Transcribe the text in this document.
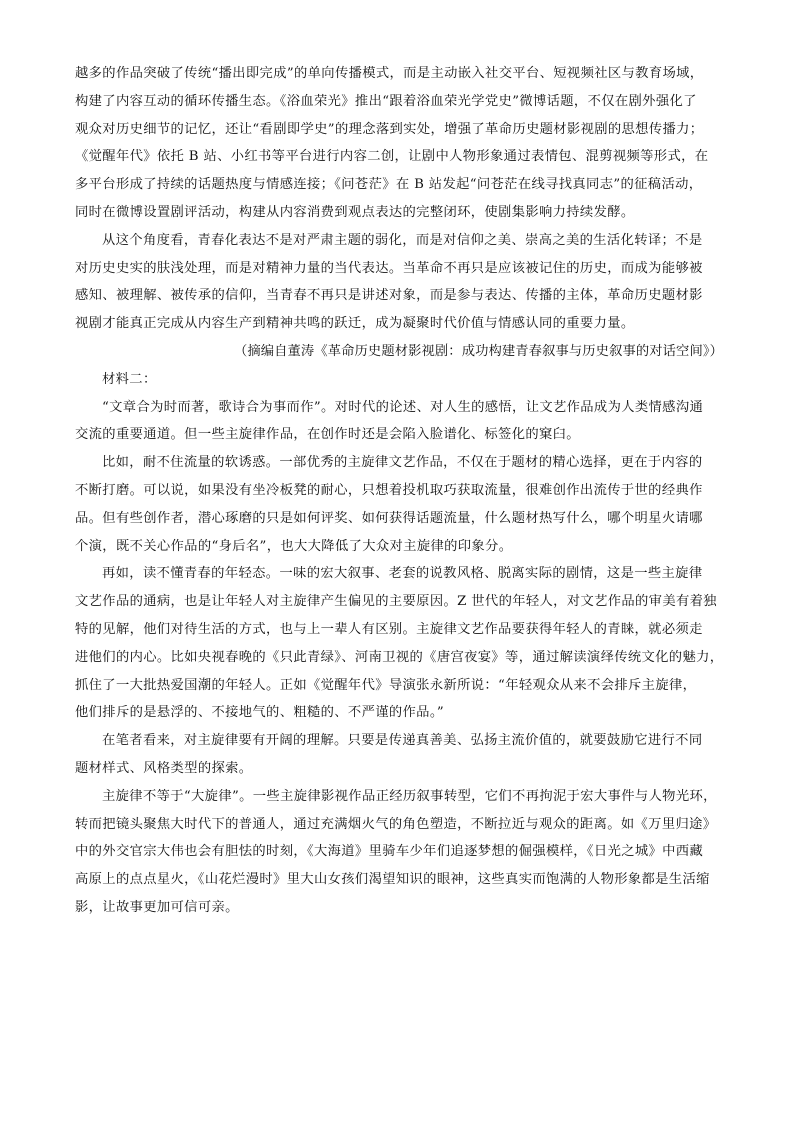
越多的作品突破了传统“播出即完成”的单向传播模式，而是主动嵌入社交平台、短视频社区与教育场域，
构建了内容互动的循环传播生态。《浴血荣光》推出“跟着浴血荣光学党史”微博话题，不仅在剧外强化了
观众对历史细节的记忆，还让“看剧即学史”的理念落到实处，增强了革命历史题材影视剧的思想传播力；
《觉醒年代》依托 B 站、小红书等平台进行内容二创，让剧中人物形象通过表情包、混剪视频等形式，在
多平台形成了持续的话题热度与情感连接；《问苍茫》在 B 站发起“问苍茫在线寻找真同志”的征稿活动，
同时在微博设置剧评活动，构建从内容消费到观点表达的完整闭环，使剧集影响力持续发酵。
从这个角度看，青春化表达不是对严肃主题的弱化，而是对信仰之美、崇高之美的生活化转译；不是
对历史史实的肤浅处理，而是对精神力量的当代表达。当革命不再只是应该被记住的历史，而成为能够被
感知、被理解、被传承的信仰，当青春不再只是讲述对象，而是参与表达、传播的主体，革命历史题材影
视剧才能真正完成从内容生产到精神共鸣的跃迁，成为凝聚时代价值与情感认同的重要力量。
（摘编自董涛《革命历史题材影视剧：成功构建青春叙事与历史叙事的对话空间》）
材料二：
“文章合为时而著，歌诗合为事而作”。对时代的论述、对人生的感悟，让文艺作品成为人类情感沟通
交流的重要通道。但一些主旋律作品，在创作时还是会陷入脸谱化、标签化的窠臼。
比如，耐不住流量的软诱惑。一部优秀的主旋律文艺作品，不仅在于题材的精心选择，更在于内容的
不断打磨。可以说，如果没有坐冷板凳的耐心，只想着投机取巧获取流量，很难创作出流传于世的经典作
品。但有些创作者，潜心琢磨的只是如何评奖、如何获得话题流量，什么题材热写什么，哪个明星火请哪
个演，既不关心作品的“身后名”，也大大降低了大众对主旋律的印象分。
再如，读不懂青春的年轻态。一味的宏大叙事、老套的说教风格、脱离实际的剧情，这是一些主旋律
文艺作品的通病，也是让年轻人对主旋律产生偏见的主要原因。Z 世代的年轻人，对文艺作品的审美有着独
特的见解，他们对待生活的方式，也与上一辈人有区别。主旋律文艺作品要获得年轻人的青睐，就必须走
进他们的内心。比如央视春晚的《只此青绿》、河南卫视的《唐宫夜宴》等，通过解读演绎传统文化的魅力，
抓住了一大批热爱国潮的年轻人。正如《觉醒年代》导演张永新所说：“年轻观众从来不会排斥主旋律，
他们排斥的是悬浮的、不接地气的、粗糙的、不严谨的作品。”
在笔者看来，对主旋律要有开阔的理解。只要是传递真善美、弘扬主流价值的，就要鼓励它进行不同
题材样式、风格类型的探索。
主旋律不等于“大旋律”。一些主旋律影视作品正经历叙事转型，它们不再拘泥于宏大事件与人物光环，
转而把镜头聚焦大时代下的普通人，通过充满烟火气的角色塑造，不断拉近与观众的距离。如《万里归途》
中的外交官宗大伟也会有胆怯的时刻，《大海道》里骑车少年们追逐梦想的倔强模样，《日光之城》中西藏
高原上的点点星火，《山花烂漫时》里大山女孩们渴望知识的眼神，这些真实而饱满的人物形象都是生活缩
影，让故事更加可信可亲。
